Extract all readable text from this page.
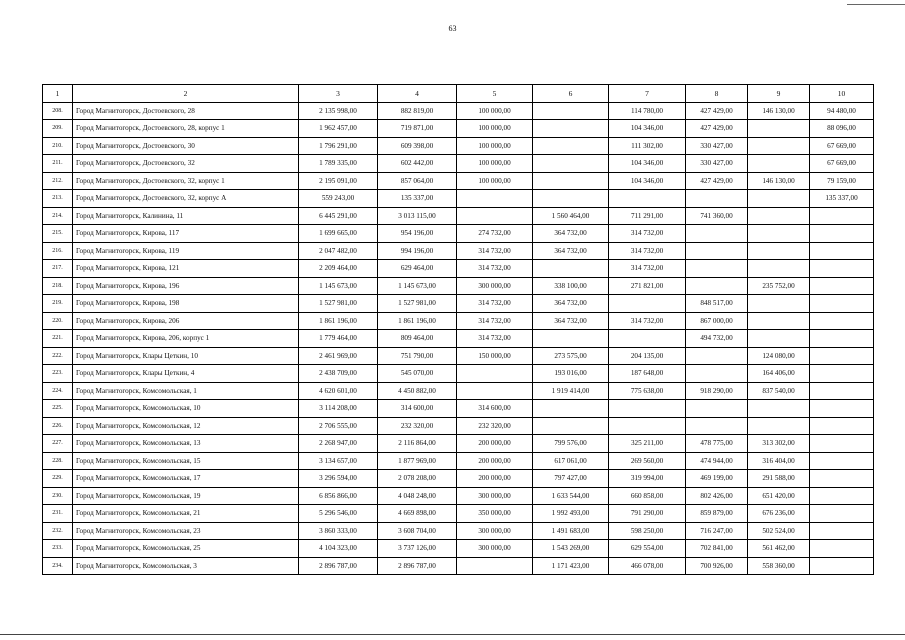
63
1	2	3	4	5	6	7	8	9	10
208.	Город Магнитогорск, Достоевского, 28	2 135 998,00	882 819,00	100 000,00		114 780,00	427 429,00	146 130,00	94 480,00
209.	Город Магнитогорск, Достоевского, 28, корпус 1	1 962 457,00	719 871,00	100 000,00		104 346,00	427 429,00		88 096,00
210.	Город Магнитогорск, Достоевского, 30	1 796 291,00	609 398,00	100 000,00		111 302,00	330 427,00		67 669,00
211.	Город Магнитогорск, Достоевского, 32	1 789 335,00	602 442,00	100 000,00		104 346,00	330 427,00		67 669,00
212.	Город Магнитогорск, Достоевского, 32, корпус 1	2 195 091,00	857 064,00	100 000,00		104 346,00	427 429,00	146 130,00	79 159,00
213.	Город Магнитогорск, Достоевского, 32, корпус А	559 243,00	135 337,00						135 337,00
214.	Город Магнитогорск, Калинина, 11	6 445 291,00	3 013 115,00		1 560 464,00	711 291,00	741 360,00		
215.	Город Магнитогорск, Кирова, 117	1 699 665,00	954 196,00	274 732,00	364 732,00	314 732,00			
216.	Город Магнитогорск, Кирова, 119	2 047 482,00	994 196,00	314 732,00	364 732,00	314 732,00			
217.	Город Магнитогорск, Кирова, 121	2 209 464,00	629 464,00	314 732,00		314 732,00			
218.	Город Магнитогорск, Кирова, 196	1 145 673,00	1 145 673,00	300 000,00	338 100,00	271 821,00		235 752,00	
219.	Город Магнитогорск, Кирова, 198	1 527 981,00	1 527 981,00	314 732,00	364 732,00		848 517,00		
220.	Город Магнитогорск, Кирова, 206	1 861 196,00	1 861 196,00	314 732,00	364 732,00	314 732,00	867 000,00		
221.	Город Магнитогорск, Кирова, 206, корпус 1	1 779 464,00	809 464,00	314 732,00			494 732,00		
222.	Город Магнитогорск, Клары Цеткин, 10	2 461 969,00	751 790,00	150 000,00	273 575,00	204 135,00		124 080,00	
223.	Город Магнитогорск, Клары Цеткин, 4	2 438 709,00	545 070,00		193 016,00	187 648,00		164 406,00	
224.	Город Магнитогорск, Комсомольская, 1	4 620 601,00	4 450 882,00		1 919 414,00	775 638,00	918 290,00	837 540,00	
225.	Город Магнитогорск, Комсомольская, 10	3 114 208,00	314 600,00	314 600,00					
226.	Город Магнитогорск, Комсомольская, 12	2 706 555,00	232 320,00	232 320,00					
227.	Город Магнитогорск, Комсомольская, 13	2 268 947,00	2 116 864,00	200 000,00	799 576,00	325 211,00	478 775,00	313 302,00	
228.	Город Магнитогорск, Комсомольская, 15	3 134 657,00	1 877 969,00	200 000,00	617 061,00	269 560,00	474 944,00	316 404,00	
229.	Город Магнитогорск, Комсомольская, 17	3 296 594,00	2 078 208,00	200 000,00	797 427,00	319 994,00	469 199,00	291 588,00	
230.	Город Магнитогорск, Комсомольская, 19	6 856 866,00	4 048 248,00	300 000,00	1 633 544,00	660 858,00	802 426,00	651 420,00	
231.	Город Магнитогорск, Комсомольская, 21	5 296 546,00	4 669 898,00	350 000,00	1 992 493,00	791 290,00	859 879,00	676 236,00	
232.	Город Магнитогорск, Комсомольская, 23	3 860 333,00	3 608 704,00	300 000,00	1 491 683,00	598 250,00	716 247,00	502 524,00	
233.	Город Магнитогорск, Комсомольская, 25	4 104 323,00	3 737 126,00	300 000,00	1 543 269,00	629 554,00	702 841,00	561 462,00	
234.	Город Магнитогорск, Комсомольская, 3	2 896 787,00	2 896 787,00		1 171 423,00	466 078,00	700 926,00	558 360,00	
